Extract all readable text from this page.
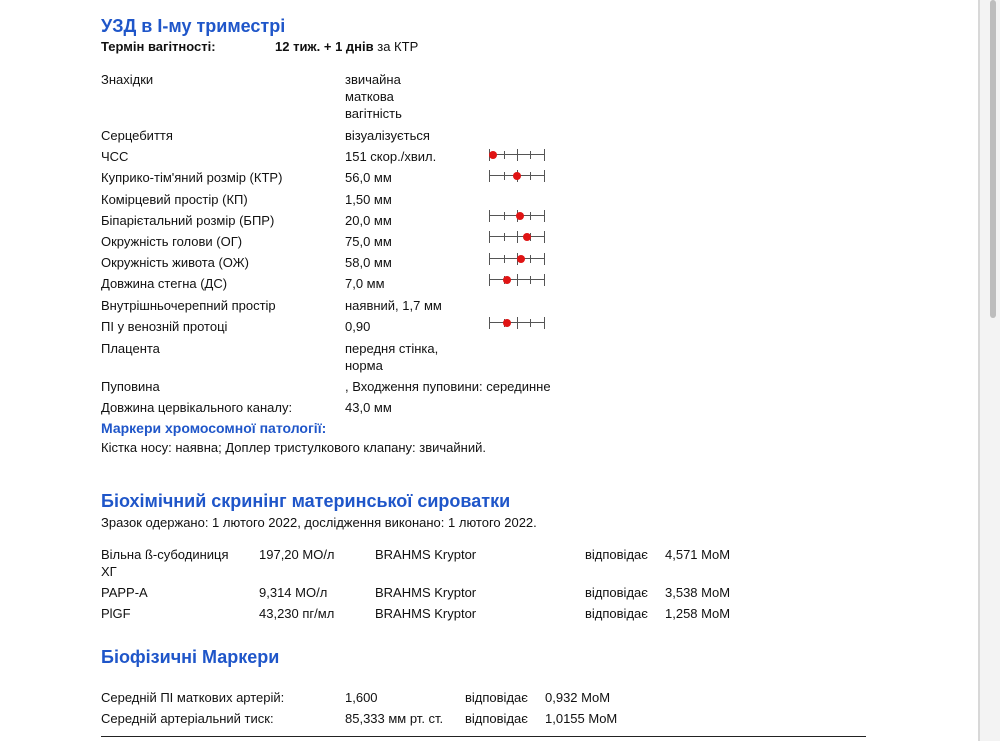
УЗД в І-му триместрі
Термін вагітності:	12 тиж. + 1 днів за КТР
Знахідки	звичайна
маткова
вагітність
Серцебиття	візуалізується
ЧСС	151 скор./хвил.
Куприко-тім'яний розмір (КТР)	56,0 мм
Комірцевий простір (КП)	1,50 мм
Біпарієтальний розмір (БПР)	20,0 мм
Окружність голови (ОГ)	75,0 мм
Окружність живота (ОЖ)	58,0 мм
Довжина стегна (ДС)	7,0 мм
Внутрішньочерепний простір	наявний, 1,7 мм
ПІ у венозній протоці	0,90
Плацента	передня стінка,
норма
Пуповина	, Входження пуповини: серединне
Довжина цервікального каналу:	43,0 мм
Маркери хромосомної патології:
Кістка носу: наявна; Доплер тристулкового клапану: звичайний.
Біохімічний скринінг материнської сироватки
Зразок одержано: 1 лютого 2022, дослідження виконано: 1 лютого 2022.
Вільна ß-субодиниця
ХГ
197,20 МО/л	BRAHMS Kryptor	відповідає 4,571 MoM
PAPP-A	9,314 МО/л	BRAHMS Kryptor	відповідає 3,538 MoM
PlGF	43,230 пг/мл	BRAHMS Kryptor	відповідає 1,258 MoM
Біофізичні Маркери
Середній ПІ маткових артерій:	1,600	відповідає 0,932 MoM
Середній артеріальний тиск:	85,333 мм рт. ст. відповідає 1,0155 MoM
